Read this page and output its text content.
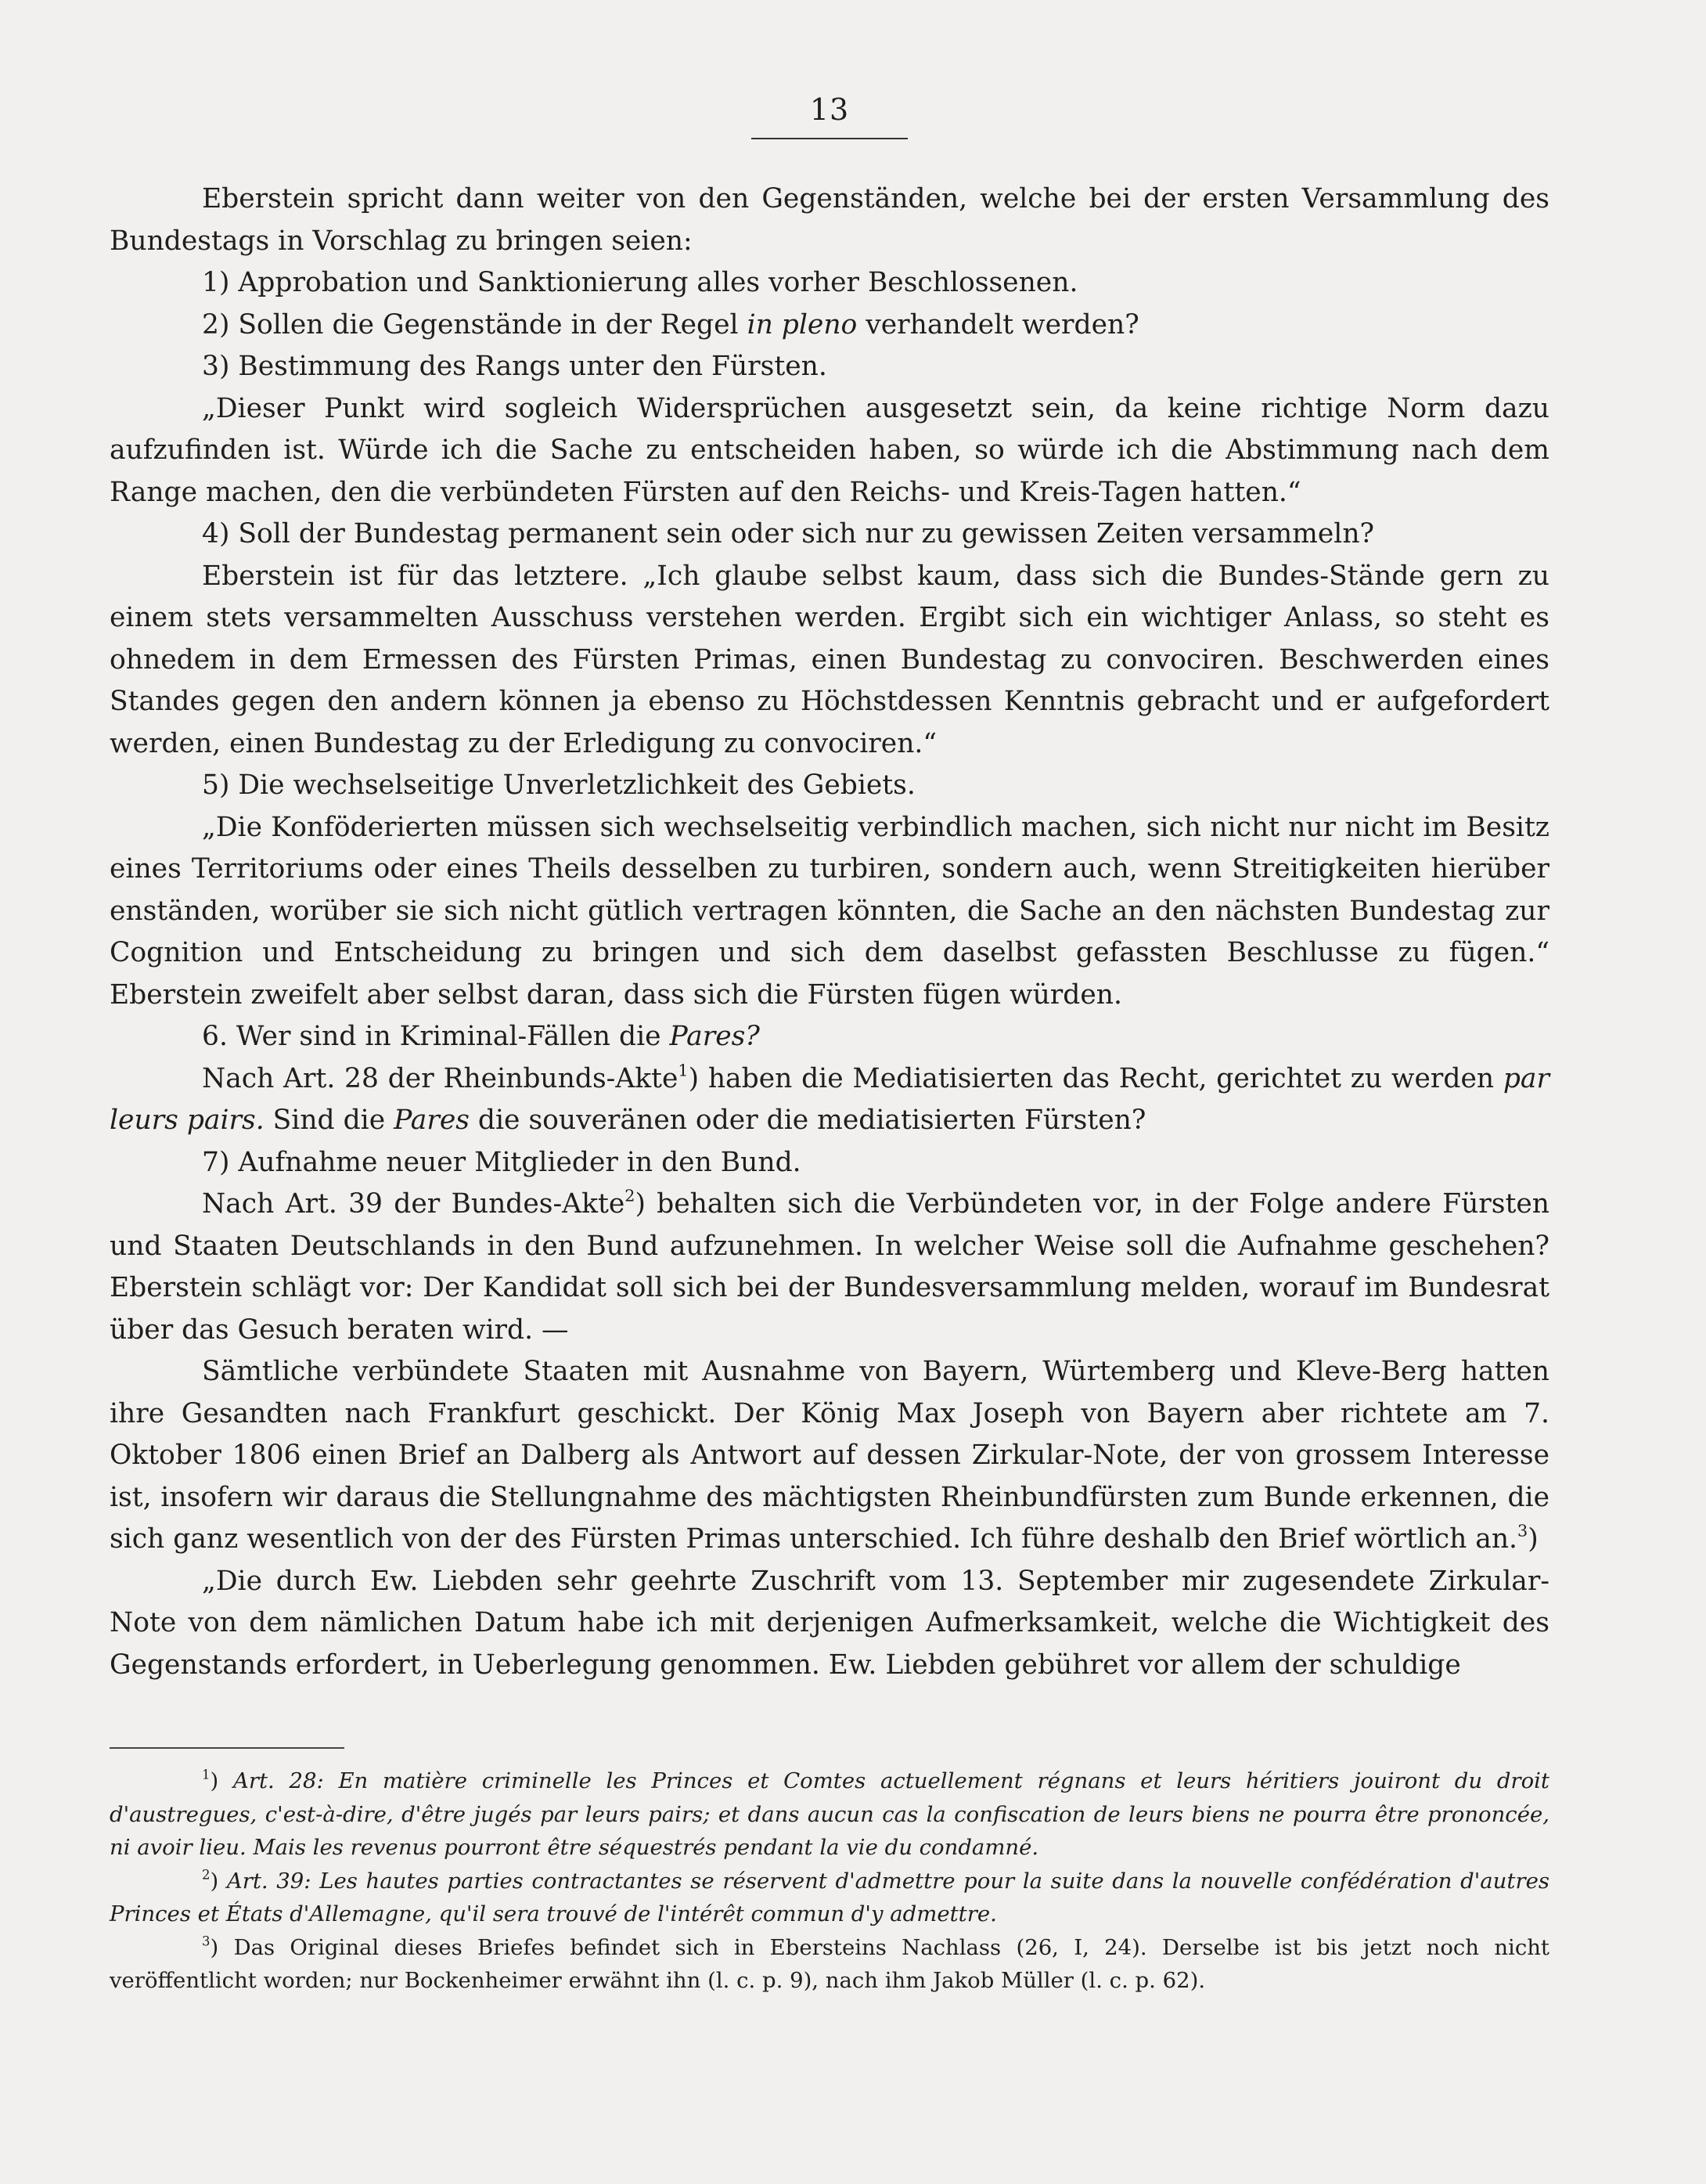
13

Eberstein spricht dann weiter von den Gegenständen, welche bei der ersten Versammlung des Bundestags in Vorschlag zu bringen seien:

1) Approbation und Sanktionierung alles vorher Beschlossenen.

2) Sollen die Gegenstände in der Regel in pleno verhandelt werden?

3) Bestimmung des Rangs unter den Fürsten.

„Dieser Punkt wird sogleich Widersprüchen ausgesetzt sein, da keine richtige Norm dazu aufzufinden ist. Würde ich die Sache zu entscheiden haben, so würde ich die Abstimmung nach dem Range machen, den die verbündeten Fürsten auf den Reichs- und Kreis-Tagen hatten.“

4) Soll der Bundestag permanent sein oder sich nur zu gewissen Zeiten versammeln?

Eberstein ist für das letztere. „Ich glaube selbst kaum, dass sich die Bundes-Stände gern zu einem stets versammelten Ausschuss verstehen werden. Ergibt sich ein wichtiger Anlass, so steht es ohnedem in dem Ermessen des Fürsten Primas, einen Bundestag zu convociren. Beschwerden eines Standes gegen den andern können ja ebenso zu Höchstdessen Kenntnis gebracht und er aufgefordert werden, einen Bundestag zu der Erledigung zu convociren.“

5) Die wechselseitige Unverletzlichkeit des Gebiets.

„Die Konföderierten müssen sich wechselseitig verbindlich machen, sich nicht nur nicht im Besitz eines Territoriums oder eines Theils desselben zu turbiren, sondern auch, wenn Streitigkeiten hierüber enständen, worüber sie sich nicht gütlich vertragen könnten, die Sache an den nächsten Bundestag zur Cognition und Entscheidung zu bringen und sich dem daselbst gefassten Beschlusse zu fügen.“ Eberstein zweifelt aber selbst daran, dass sich die Fürsten fügen würden.

6. Wer sind in Kriminal-Fällen die Pares?

Nach Art. 28 der Rheinbunds-Akte$^1$) haben die Mediatisierten das Recht, gerichtet zu werden par leurs pairs. Sind die Pares die souveränen oder die mediatisierten Fürsten?

7) Aufnahme neuer Mitglieder in den Bund.

Nach Art. 39 der Bundes-Akte$^2$) behalten sich die Verbündeten vor, in der Folge andere Fürsten und Staaten Deutschlands in den Bund aufzunehmen. In welcher Weise soll die Aufnahme geschehen? Eberstein schlägt vor: Der Kandidat soll sich bei der Bundesversammlung melden, worauf im Bundesrat über das Gesuch beraten wird. —

Sämtliche verbündete Staaten mit Ausnahme von Bayern, Würtemberg und Kleve-Berg hatten ihre Gesandten nach Frankfurt geschickt. Der König Max Joseph von Bayern aber richtete am 7. Oktober 1806 einen Brief an Dalberg als Antwort auf dessen Zirkular-Note, der von grossem Interesse ist, insofern wir daraus die Stellungnahme des mächtigsten Rheinbundfürsten zum Bunde erkennen, die sich ganz wesentlich von der des Fürsten Primas unterschied. Ich führe deshalb den Brief wörtlich an.$^3$)

„Die durch Ew. Liebden sehr geehrte Zuschrift vom 13. September mir zugesendete Zirkular-Note von dem nämlichen Datum habe ich mit derjenigen Aufmerksamkeit, welche die Wichtigkeit des Gegenstands erfordert, in Ueberlegung genommen. Ew. Liebden gebühret vor allem der schuldige

$^1$) Art. 28: En matière criminelle les Princes et Comtes actuellement régnans et leurs héritiers jouiront du droit d'austregues, c'est-à-dire, d'être jugés par leurs pairs; et dans aucun cas la confiscation de leurs biens ne pourra être prononcée, ni avoir lieu. Mais les revenus pourront être séquestrés pendant la vie du condamné.

$^2$) Art. 39: Les hautes parties contractantes se réservent d'admettre pour la suite dans la nouvelle confédération d'autres Princes et États d'Allemagne, qu'il sera trouvé de l'intérêt commun d'y admettre.

$^3$) Das Original dieses Briefes befindet sich in Ebersteins Nachlass (26, I, 24). Derselbe ist bis jetzt noch nicht veröffentlicht worden; nur Bockenheimer erwähnt ihn (l. c. p. 9), nach ihm Jakob Müller (l. c. p. 62).
